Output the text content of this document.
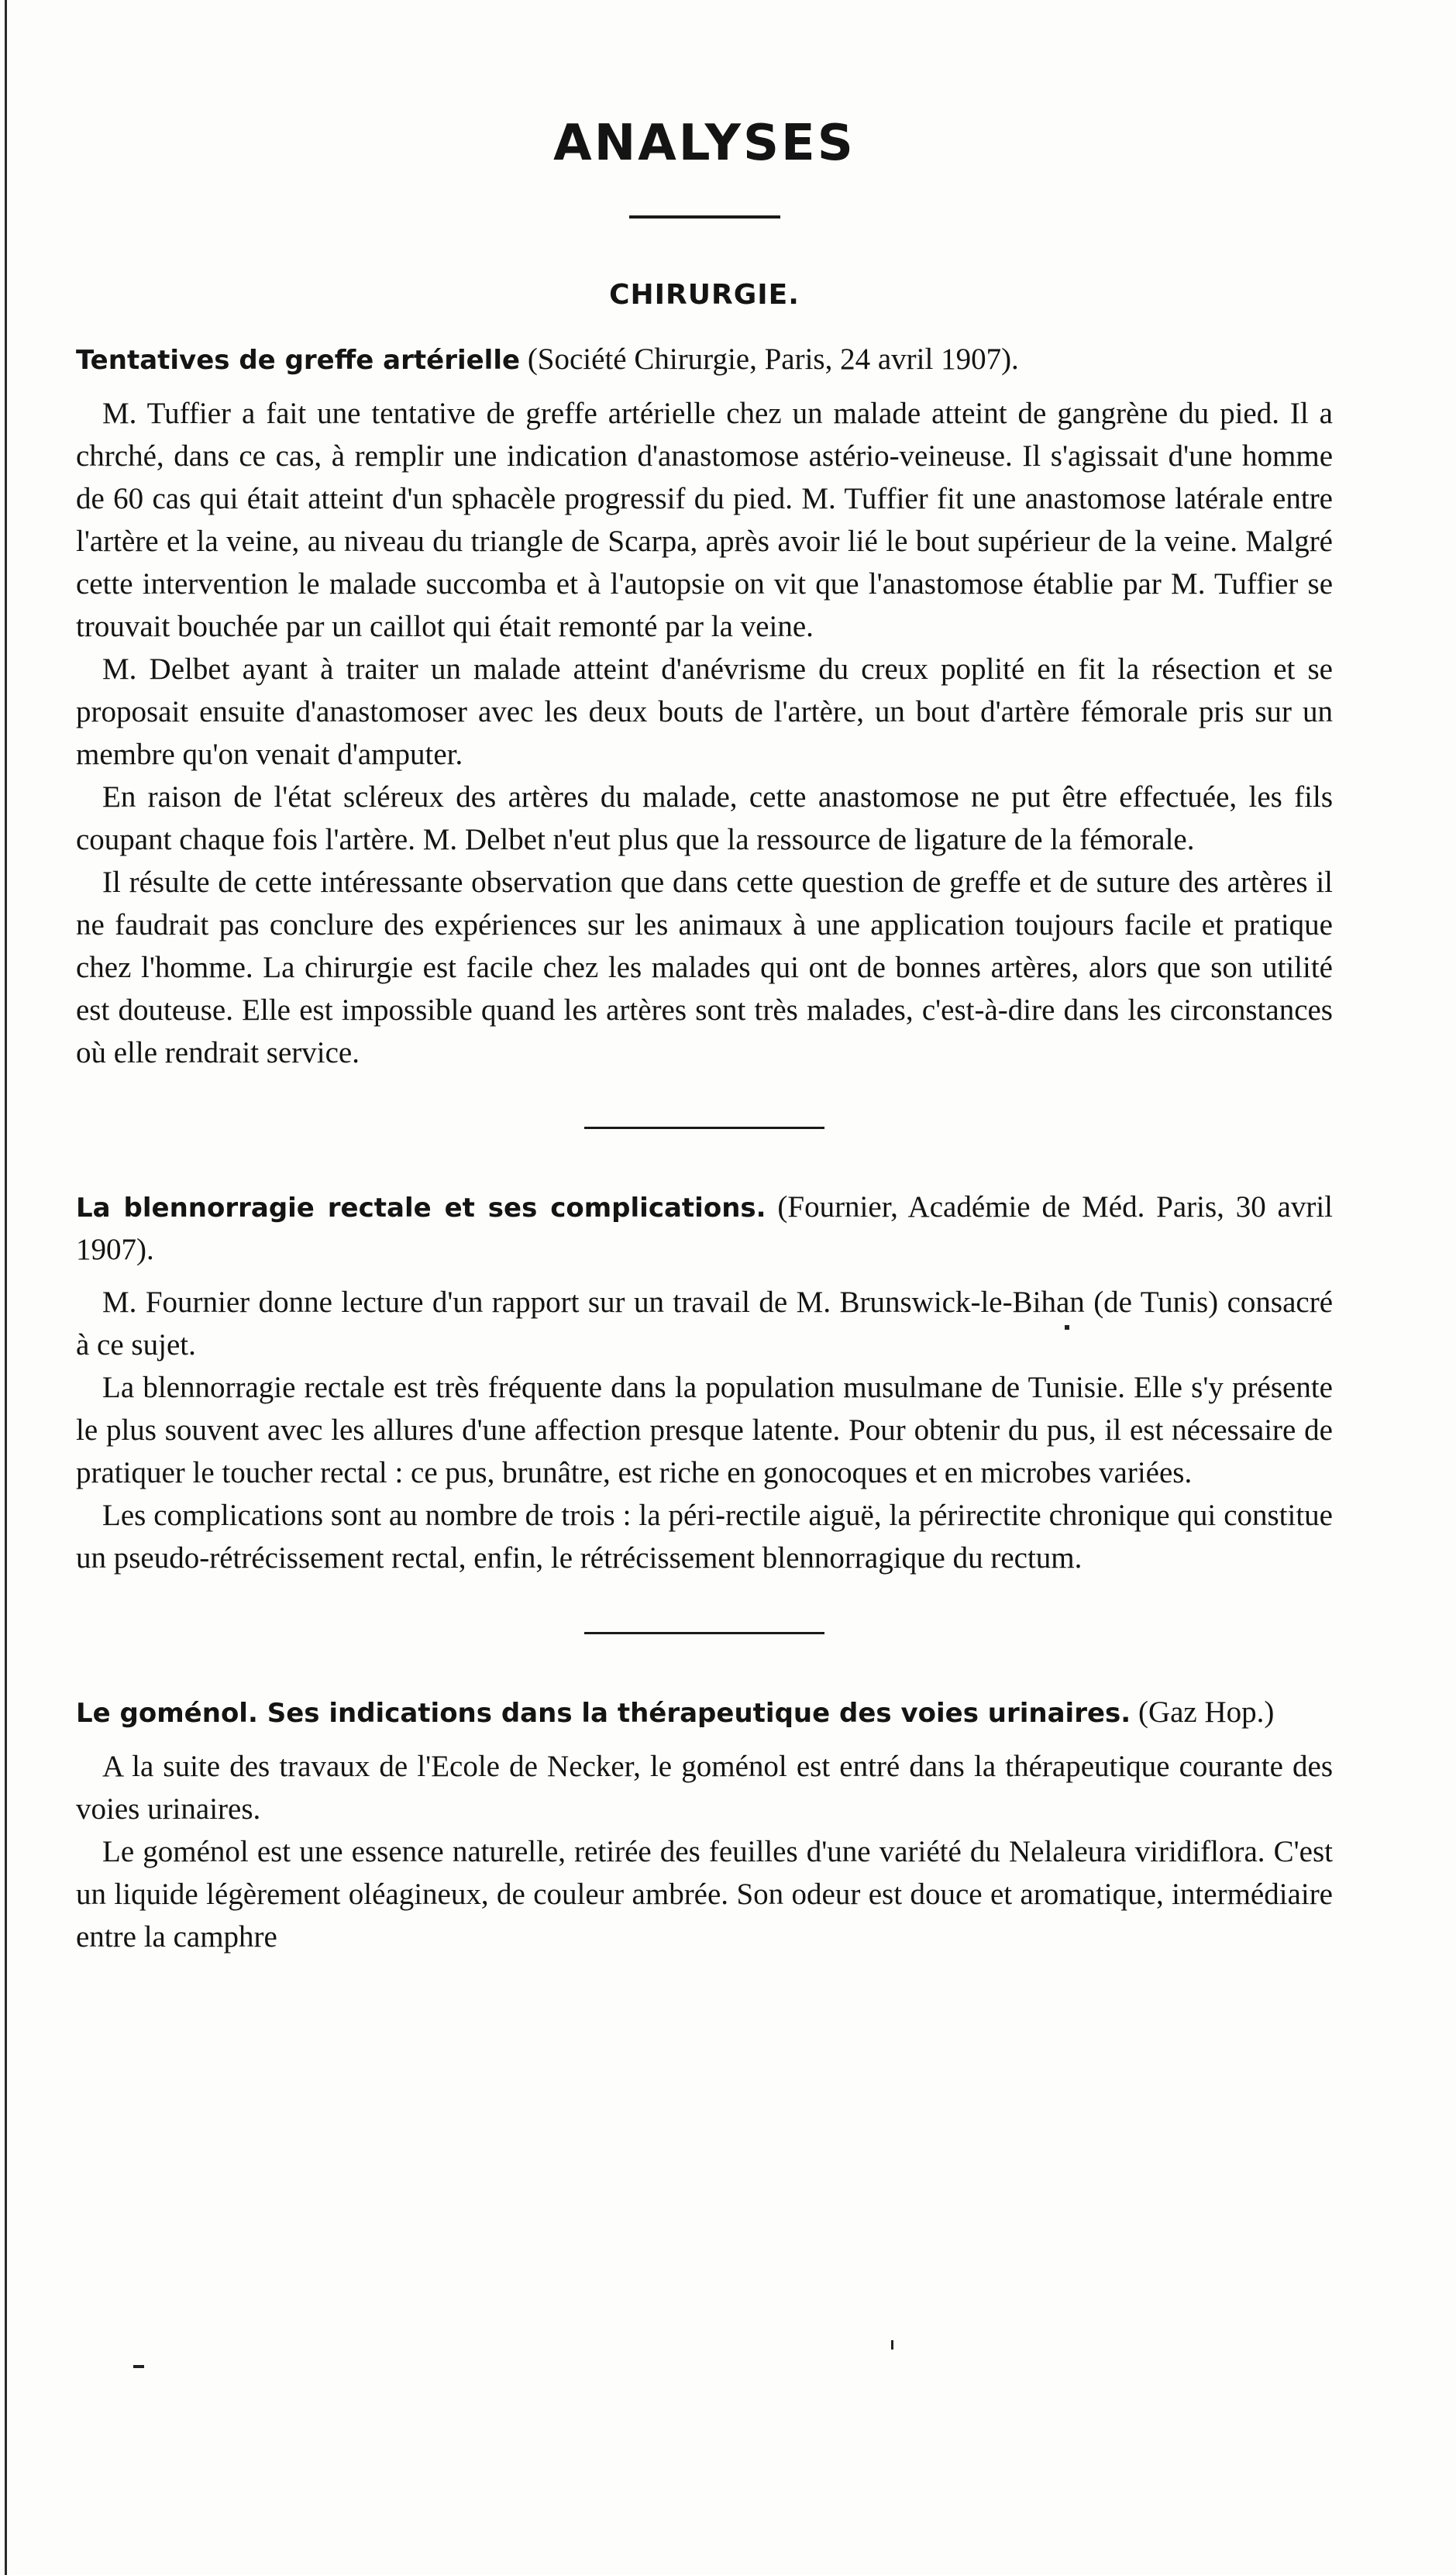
ANALYSES
CHIRURGIE.

Tentatives de greffe artérielle (Société Chirurgie, Paris, 24 avril 1907).

M. Tuffier a fait une tentative de greffe artérielle chez un malade atteint de gangrène du pied. Il a chrché, dans ce cas, à remplir une indication d'anastomose astério-veineuse. Il s'agissait d'une homme de 60 cas qui était atteint d'un sphacèle progressif du pied. M. Tuffier fit une anastomose latérale entre l'artère et la veine, au niveau du triangle de Scarpa, après avoir lié le bout supérieur de la veine. Malgré cette intervention le malade succomba et à l'autopsie on vit que l'anastomose établie par M. Tuffier se trouvait bouchée par un caillot qui était remonté par la veine.

M. Delbet ayant à traiter un malade atteint d'anévrisme du creux poplité en fit la résection et se proposait ensuite d'anastomoser avec les deux bouts de l'artère, un bout d'artère fémorale pris sur un membre qu'on venait d'amputer.

En raison de l'état scléreux des artères du malade, cette anastomose ne put être effectuée, les fils coupant chaque fois l'artère. M. Delbet n'eut plus que la ressource de ligature de la fémorale.

Il résulte de cette intéressante observation que dans cette question de greffe et de suture des artères il ne faudrait pas conclure des expériences sur les animaux à une application toujours facile et pratique chez l'homme. La chirurgie est facile chez les malades qui ont de bonnes artères, alors que son utilité est douteuse. Elle est impossible quand les artères sont très malades, c'est-à-dire dans les circonstances où elle rendrait service.

La blennorragie rectale et ses complications. (Fournier, Académie de Méd. Paris, 30 avril 1907).

M. Fournier donne lecture d'un rapport sur un travail de M. Brunswick-le-Bihan (de Tunis) consacré à ce sujet.

La blennorragie rectale est très fréquente dans la population musulmane de Tunisie. Elle s'y présente le plus souvent avec les allures d'une affection presque latente. Pour obtenir du pus, il est nécessaire de pratiquer le toucher rectal : ce pus, brunâtre, est riche en gonocoques et en microbes variées.

Les complications sont au nombre de trois : la péri-rectile aiguë, la périrectite chronique qui constitue un pseudo-rétrécissement rectal, enfin, le rétrécissement blennorragique du rectum.

Le goménol. Ses indications dans la thérapeutique des voies urinaires. (Gaz Hop.)

A la suite des travaux de l'Ecole de Necker, le goménol est entré dans la thérapeutique courante des voies urinaires.

Le goménol est une essence naturelle, retirée des feuilles d'une variété du Nelaleura viridiflora. C'est un liquide légèrement oléagineux, de couleur ambrée. Son odeur est douce et aromatique, intermédiaire entre la camphre
